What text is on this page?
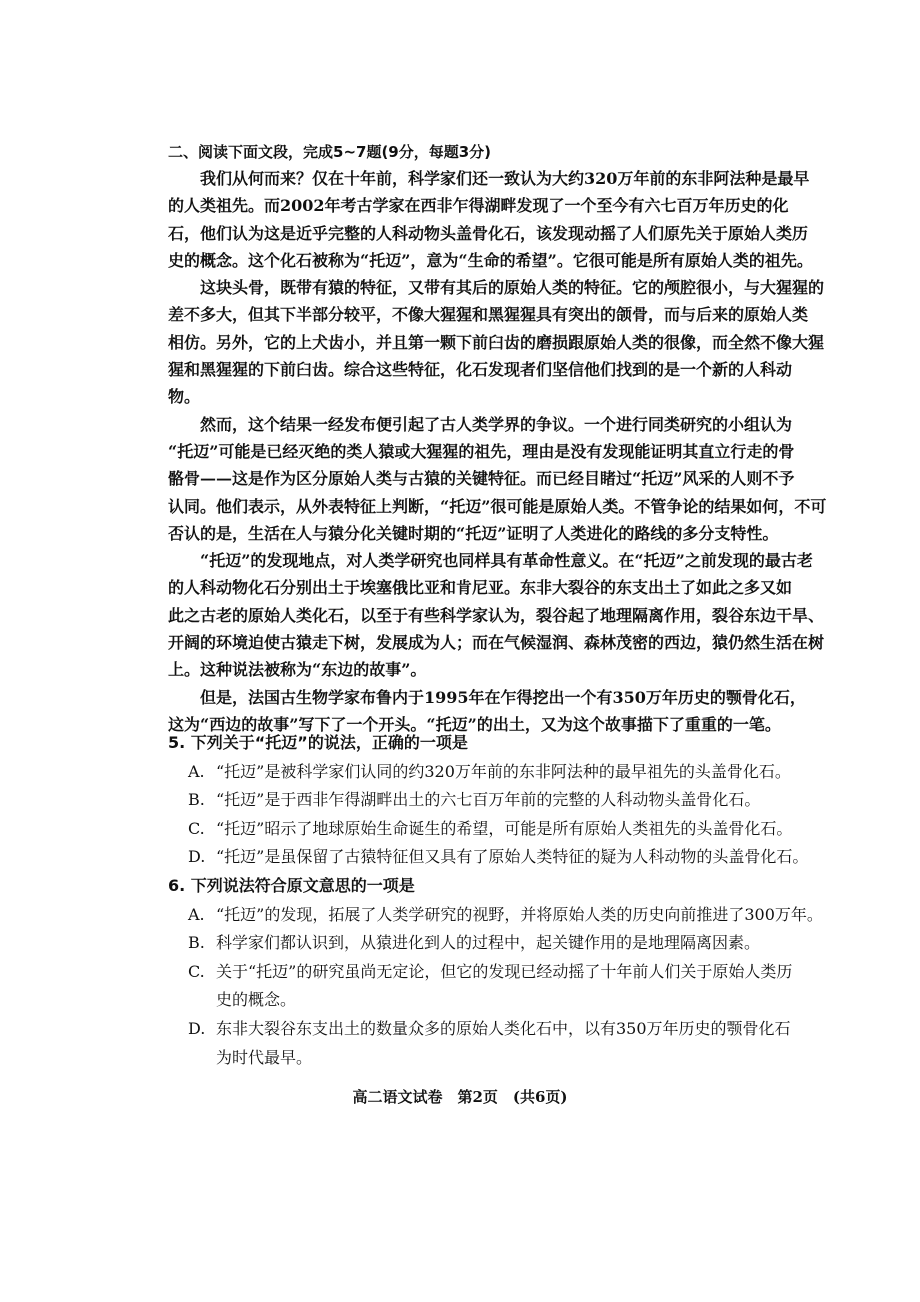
二、阅读下面文段，完成5~7题(9分，每题3分)
我们从何而来？仅在十年前，科学家们还一致认为大约320万年前的东非阿法种是最早
的人类祖先。而2002年考古学家在西非乍得湖畔发现了一个至今有六七百万年历史的化
石，他们认为这是近乎完整的人科动物头盖骨化石，该发现动摇了人们原先关于原始人类历
史的概念。这个化石被称为“托迈”，意为“生命的希望”。它很可能是所有原始人类的祖先。
这块头骨，既带有猿的特征，又带有其后的原始人类的特征。它的颅腔很小，与大猩猩的
差不多大，但其下半部分较平，不像大猩猩和黑猩猩具有突出的颌骨，而与后来的原始人类
相仿。另外，它的上犬齿小，并且第一颗下前臼齿的磨损跟原始人类的很像，而全然不像大猩
猩和黑猩猩的下前臼齿。综合这些特征，化石发现者们坚信他们找到的是一个新的人科动
物。
然而，这个结果一经发布便引起了古人类学界的争议。一个进行同类研究的小组认为
“托迈”可能是已经灭绝的类人猿或大猩猩的祖先，理由是没有发现能证明其直立行走的骨
骼骨——这是作为区分原始人类与古猿的关键特征。而已经目睹过“托迈”风采的人则不予
认同。他们表示，从外表特征上判断，“托迈”很可能是原始人类。不管争论的结果如何，不可
否认的是，生活在人与猿分化关键时期的“托迈”证明了人类进化的路线的多分支特性。
“托迈”的发现地点，对人类学研究也同样具有革命性意义。在“托迈”之前发现的最古老
的人科动物化石分别出土于埃塞俄比亚和肯尼亚。东非大裂谷的东支出土了如此之多又如
此之古老的原始人类化石，以至于有些科学家认为，裂谷起了地理隔离作用，裂谷东边干旱、
开阔的环境迫使古猿走下树，发展成为人；而在气候湿润、森林茂密的西边，猿仍然生活在树
上。这种说法被称为“东边的故事”。
但是，法国古生物学家布鲁内于1995年在乍得挖出一个有350万年历史的颚骨化石，
这为“西边的故事”写下了一个开头。“托迈”的出土，又为这个故事描下了重重的一笔。
5. 下列关于“托迈”的说法，正确的一项是
A. “托迈”是被科学家们认同的约320万年前的东非阿法种的最早祖先的头盖骨化石。
B. “托迈”是于西非乍得湖畔出土的六七百万年前的完整的人科动物头盖骨化石。
C. “托迈”昭示了地球原始生命诞生的希望，可能是所有原始人类祖先的头盖骨化石。
D. “托迈”是虽保留了古猿特征但又具有了原始人类特征的疑为人科动物的头盖骨化石。
6. 下列说法符合原文意思的一项是
A. “托迈”的发现，拓展了人类学研究的视野，并将原始人类的历史向前推进了300万年。
B. 科学家们都认识到，从猿进化到人的过程中，起关键作用的是地理隔离因素。
C. 关于“托迈”的研究虽尚无定论，但它的发现已经动摇了十年前人们关于原始人类历
史的概念。
D. 东非大裂谷东支出土的数量众多的原始人类化石中，以有350万年历史的颚骨化石
为时代最早。
高二语文试卷　第2页　(共6页)
